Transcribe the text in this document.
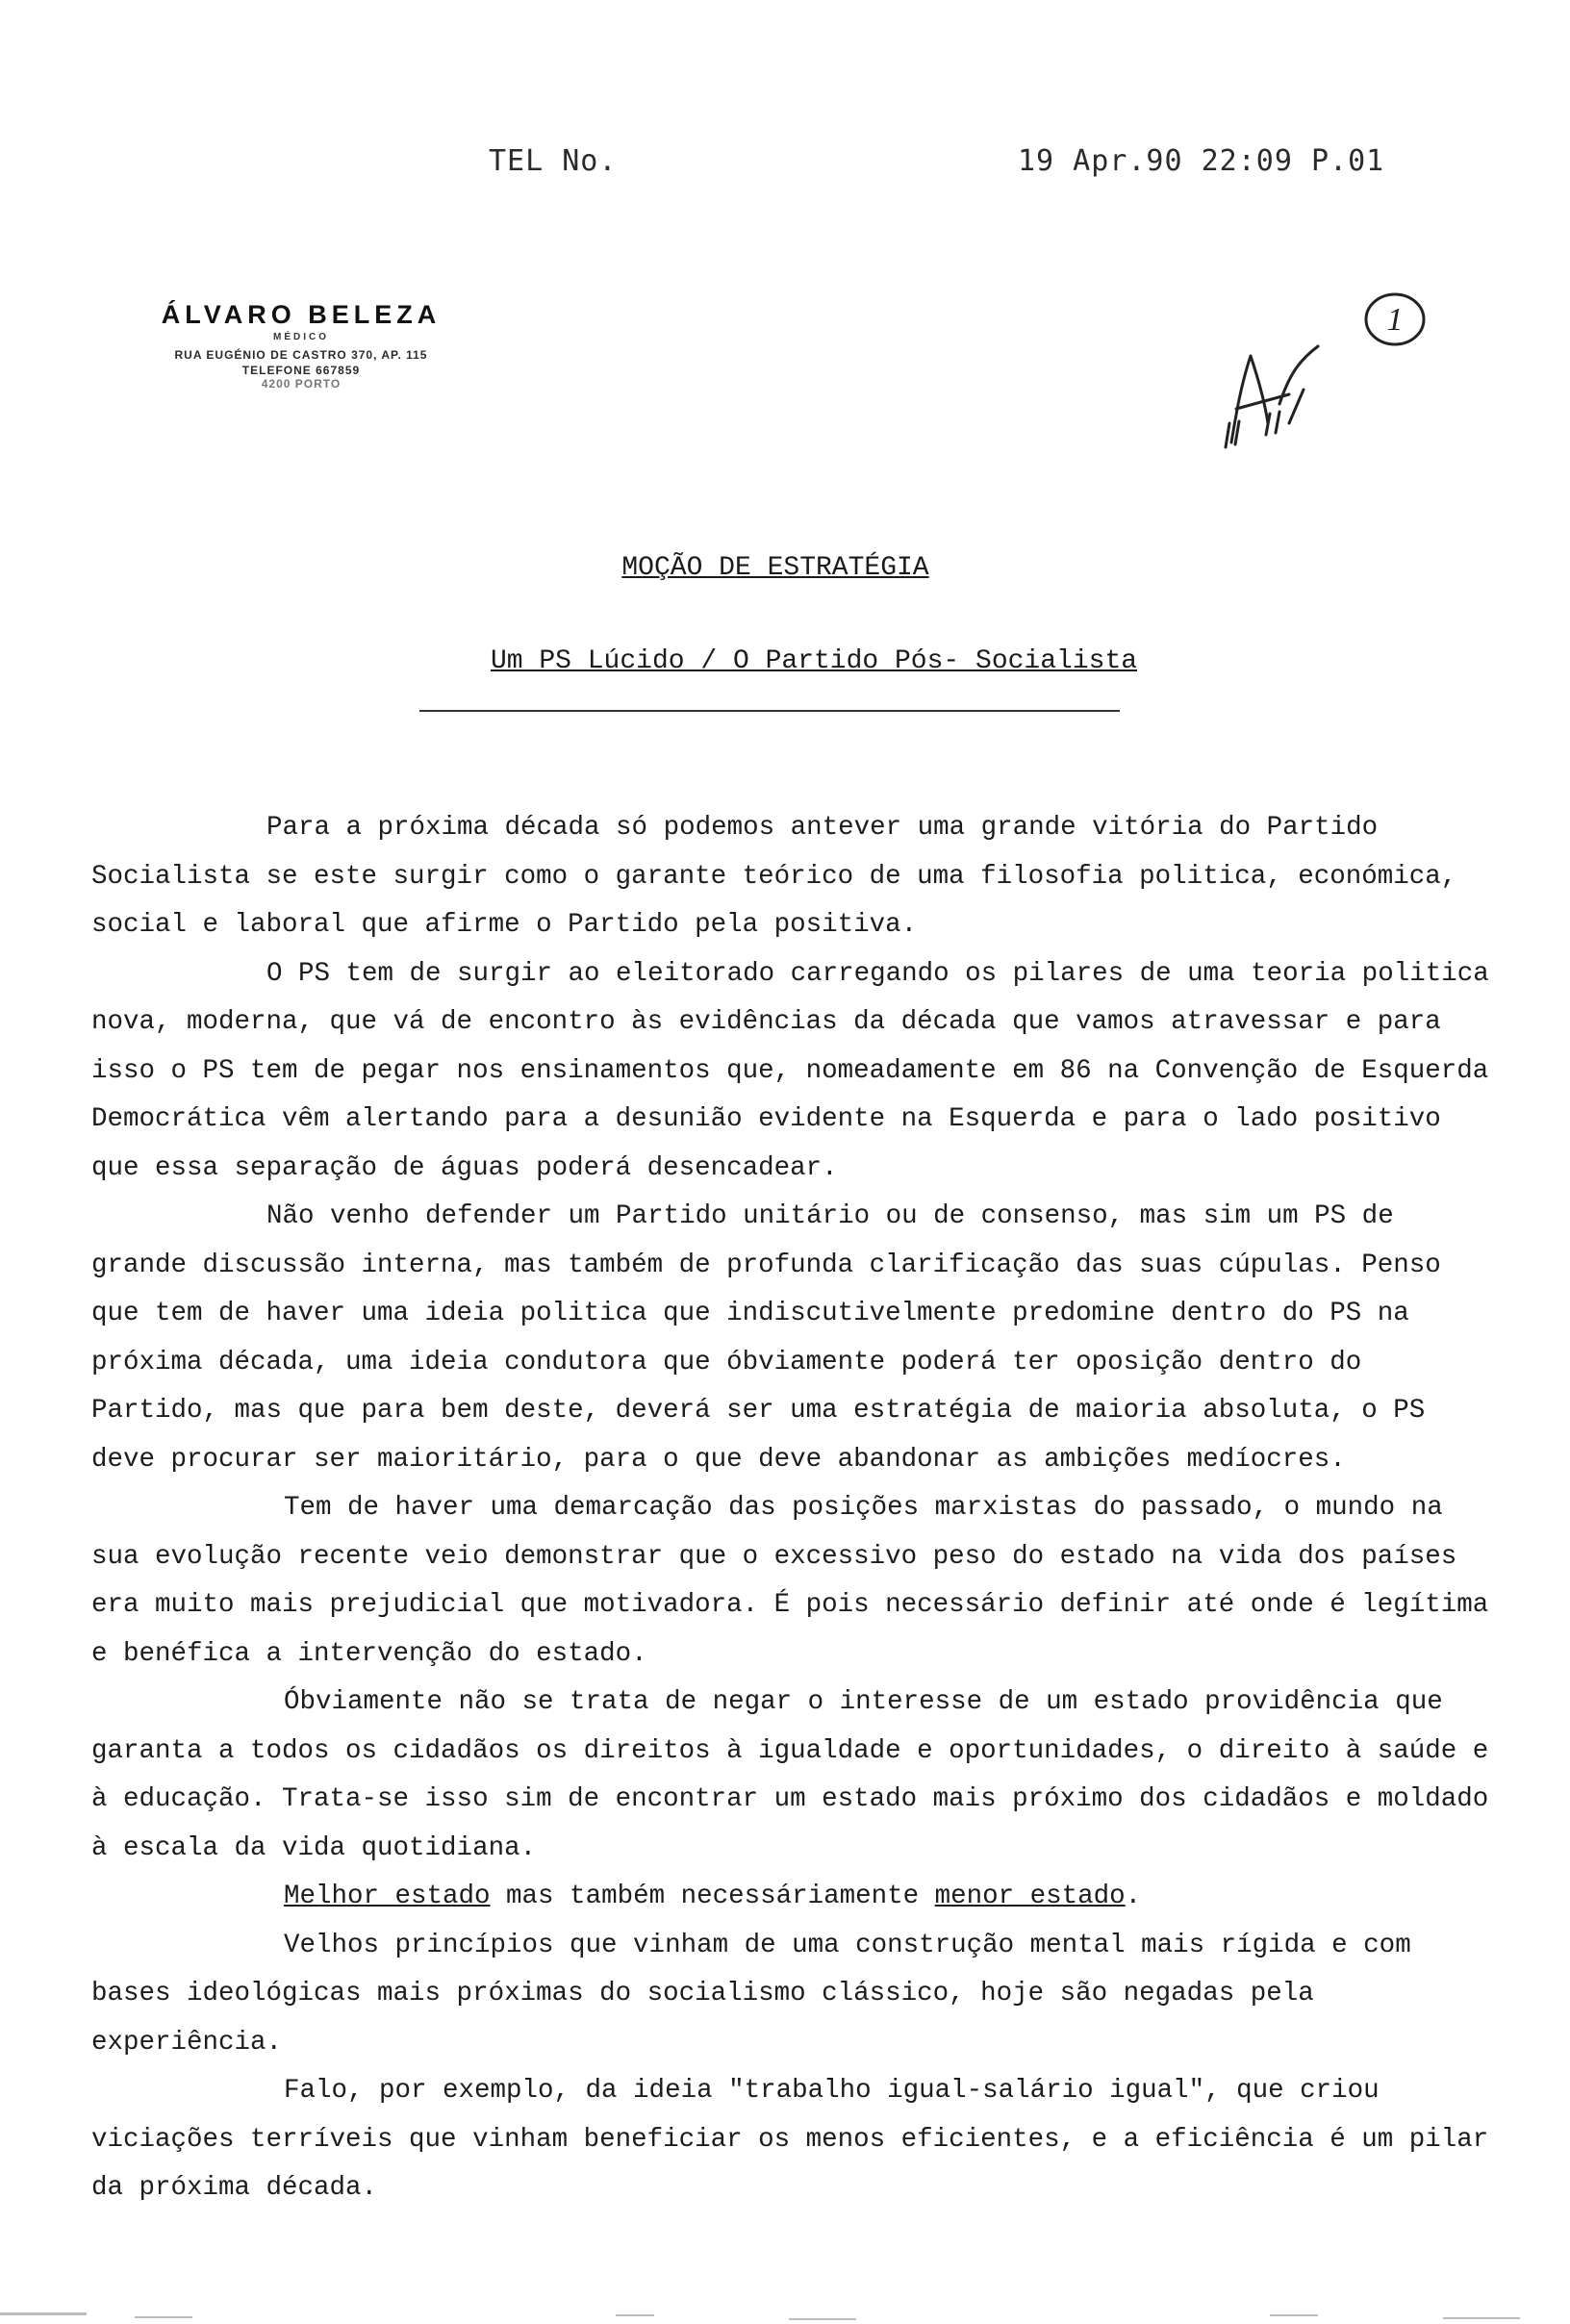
TEL No.	19 Apr.90 22:09 P.01
ÁLVARO BELEZA
MÉDICO
RUA EUGÉNIO DE CASTRO 370, AP. 115
TELEFONE 667859
4200 PORTO
1
MOÇÃO DE ESTRATÉGIA
Um PS Lúcido / O Partido Pós- Socialista

Para a próxima década só podemos antever uma grande vitória do Partido Socialista se este surgir como o garante teórico de uma filosofia politica, económica, social e laboral que afirme o Partido pela positiva.

O PS tem de surgir ao eleitorado carregando os pilares de uma teoria politica nova, moderna, que vá de encontro às evidências da década que vamos atravessar e para isso o PS tem de pegar nos ensinamentos que, nomeadamente em 86 na Convenção de Esquerda Democrática vêm alertando para a desunião evidente na Esquerda e para o lado positivo que essa separação de águas poderá desencadear.

Não venho defender um Partido unitário ou de consenso, mas sim um PS de grande discussão interna, mas também de profunda clarificação das suas cúpulas. Penso que tem de haver uma ideia politica que indiscutivelmente predomine dentro do PS na próxima década, uma ideia condutora que óbviamente poderá ter oposição dentro do Partido, mas que para bem deste, deverá ser uma estratégia de maioria absoluta, o PS deve procurar ser maioritário, para o que deve abandonar as ambições medíocres.

Tem de haver uma demarcação das posições marxistas do passado, o mundo na sua evolução recente veio demonstrar que o excessivo peso do estado na vida dos países era muito mais prejudicial que motivadora. É pois necessário definir até onde é legítima e benéfica a intervenção do estado.

Óbviamente não se trata de negar o interesse de um estado providência que garanta a todos os cidadãos os direitos à igualdade e oportunidades, o direito à saúde e à educação. Trata-se isso sim de encontrar um estado mais próximo dos cidadãos e moldado à escala da vida quotidiana.

Melhor estado mas também necessáriamente menor estado.

Velhos princípios que vinham de uma construção mental mais rígida e com bases ideológicas mais próximas do socialismo clássico, hoje são negadas pela experiência.

Falo, por exemplo, da ideia "trabalho igual-salário igual", que criou viciações terríveis que vinham beneficiar os menos eficientes, e a eficiência é um pilar da próxima década.
